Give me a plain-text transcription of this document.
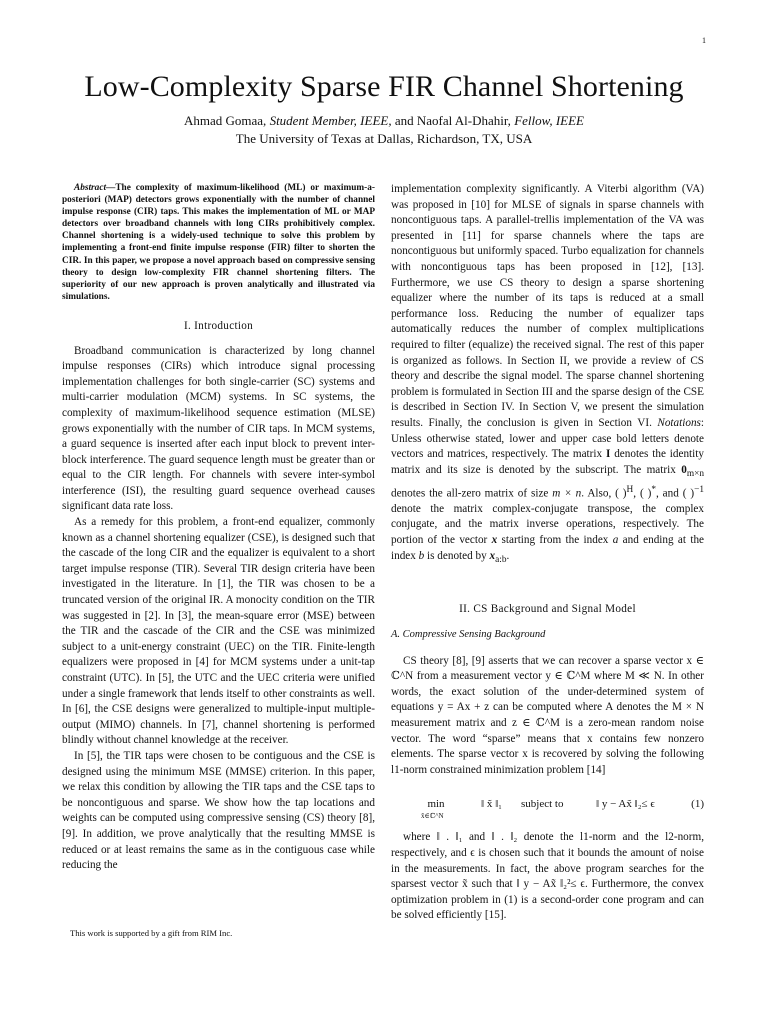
1
Low-Complexity Sparse FIR Channel Shortening
Ahmad Gomaa, Student Member, IEEE, and Naofal Al-Dhahir, Fellow, IEEE
The University of Texas at Dallas, Richardson, TX, USA

Abstract—The complexity of maximum-likelihood (ML) or maximum-a-posteriori (MAP) detectors grows exponentially with the number of channel impulse response (CIR) taps. This makes the implementation of ML or MAP detectors over broadband channels with long CIRs prohibitively complex. Channel shortening is a widely-used technique to solve this problem by implementing a front-end finite impulse response (FIR) filter to shorten the CIR. In this paper, we propose a novel approach based on compressive sensing theory to design low-complexity FIR channel shortening filters. The superiority of our new approach is proven analytically and illustrated via simulations.

I. Introduction

Broadband communication is characterized by long channel impulse responses (CIRs) which introduce signal processing implementation challenges for both single-carrier (SC) systems and multi-carrier modulation (MCM) systems. In SC systems, the complexity of maximum-likelihood sequence estimation (MLSE) grows exponentially with the number of CIR taps. In MCM systems, a guard sequence is inserted after each input block to prevent inter-block interference. The guard sequence length must be greater than or equal to the CIR length. For channels with severe inter-symbol interference (ISI), the resulting guard sequence overhead causes significant data rate loss.

As a remedy for this problem, a front-end equalizer, commonly known as a channel shortening equalizer (CSE), is designed such that the cascade of the long CIR and the equalizer is equivalent to a short target impulse response (TIR). Several TIR design criteria have been investigated in the literature. In [1], the TIR was chosen to be a truncated version of the original IR. A monocity condition on the TIR was suggested in [2]. In [3], the mean-square error (MSE) between the TIR and the cascade of the CIR and the CSE was minimized subject to a unit-energy constraint (UEC) on the TIR. Finite-length equalizers were proposed in [4] for MCM systems under a unit-tap constraint (UTC). In [5], the UTC and the UEC criteria were unified under a single framework that lends itself to other constraints as well. In [6], the CSE designs were generalized to multiple-input multiple-output (MIMO) channels. In [7], channel shortening is performed blindly without channel knowledge at the receiver.

In [5], the TIR taps were chosen to be contiguous and the CSE is designed using the minimum MSE (MMSE) criterion. In this paper, we relax this condition by allowing the TIR taps and the CSE taps to be noncontiguous and sparse. We show how the tap locations and weights can be computed using compressive sensing (CS) theory [8], [9]. In addition, we prove analytically that the resulting MMSE is reduced or at least remains the same as in the contiguous case while reducing the

This work is supported by a gift from RIM Inc.

implementation complexity significantly. A Viterbi algorithm (VA) was proposed in [10] for MLSE of signals in sparse channels with noncontiguous taps. A parallel-trellis implementation of the VA was presented in [11] for sparse channels where the taps are noncontiguous but uniformly spaced. Turbo equalization for channels with noncontiguous taps has been proposed in [12], [13]. Furthermore, we use CS theory to design a sparse shortening equalizer where the number of its taps is reduced at a small performance loss. Reducing the number of equalizer taps automatically reduces the number of complex multiplications required to filter (equalize) the received signal. The rest of this paper is organized as follows. In Section II, we provide a review of CS theory and describe the signal model. The sparse channel shortening problem is formulated in Section III and the sparse design of the CSE is described in Section IV. In Section V, we present the simulation results. Finally, the conclusion is given in Section VI. Notations: Unless otherwise stated, lower and upper case bold letters denote vectors and matrices, respectively. The matrix I denotes the identity matrix and its size is denoted by the subscript. The matrix $0_{m\times n}$ denotes the all-zero matrix of size m × n. Also, ( )$^H$, ( )*, and ( )$^{-1}$ denote the matrix complex-conjugate transpose, the complex conjugate, and the matrix inverse operations, respectively. The portion of the vector x starting from the index a and ending at the index b is denoted by $x_{a:b}$.

II. CS Background and Signal Model

A. Compressive Sensing Background

CS theory [8], [9] asserts that we can recover a sparse vector x ∈ ℂ^N from a measurement vector y ∈ ℂ^M where M ≪ N. In other words, the exact solution of the under-determined system of equations y = Ax + z can be computed where A denotes the M × N measurement matrix and z ∈ ℂ^M is a zero-mean random noise vector. The word “sparse” means that x contains few nonzero elements. The sparse vector x is recovered by solving the following l1-norm constrained minimization problem [14]

min
x̃∈ℂ^N
‖ x̃ ‖₁	subject to	‖ y − Ax̃ ‖₂≤ ϵ	(1)

where ‖ . ‖₁ and ‖ . ‖₂ denote the l1-norm and the l2-norm, respectively, and ϵ is chosen such that it bounds the amount of noise in the measurements. In fact, the above program searches for the sparsest vector x̃ such that ‖ y − Ax̃ ‖₂²≤ ϵ. Furthermore, the convex optimization problem in (1) is a second-order cone program and can be solved efficiently [15].
